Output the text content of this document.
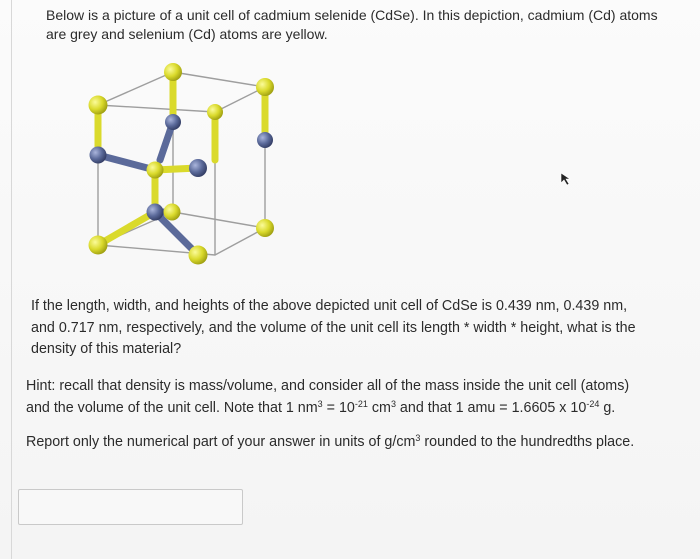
Below is a picture of a unit cell of cadmium selenide (CdSe). In this depiction, cadmium (Cd) atoms
are grey and selenium (Cd) atoms are yellow.

If the length, width, and heights of the above depicted unit cell of CdSe is 0.439 nm, 0.439 nm,
and 0.717 nm, respectively, and the volume of the unit cell its length * width * height, what is the
density of this material?

Hint: recall that density is mass/volume, and consider all of the mass inside the unit cell (atoms)
and the volume of the unit cell. Note that 1 $nm^3 = 10^{-21}$ $cm^3$ and that 1 amu = 1.6605 x $10^{-24}$ g.

Report only the numerical part of your answer in units of $g/cm^3$ rounded to the hundredths place.
